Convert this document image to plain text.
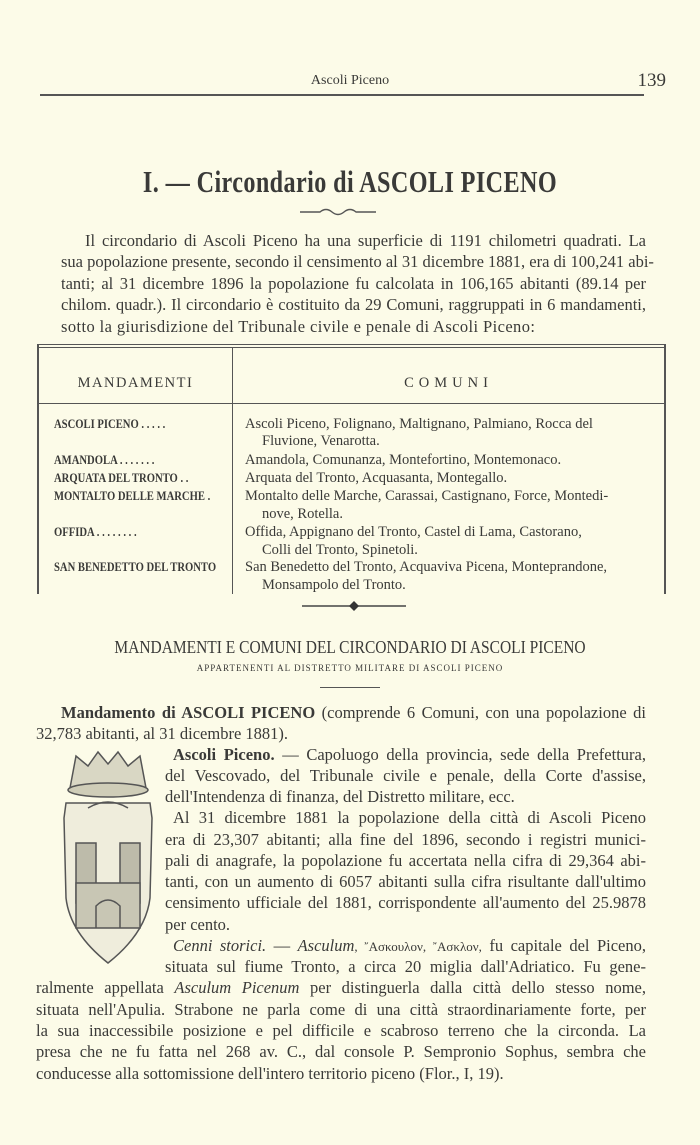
Ascoli Piceno	139
I. — Circondario di ASCOLI PICENO
Il circondario di Ascoli Piceno ha una superficie di 1191 chilometri quadrati. La
sua popolazione presente, secondo il censimento al 31 dicembre 1881, era di 100,241 abi-
tanti; al 31 dicembre 1896 la popolazione fu calcolata in 106,165 abitanti (89.14 per
chilom. quadr.). Il circondario è costituito da 29 Comuni, raggruppati in 6 mandamenti,
sotto la giurisdizione del Tribunale civile e penale di Ascoli Piceno:
MANDAMENTI	COMUNI
ASCOLI PICENO . . . . .	Ascoli Piceno, Folignano, Maltignano, Palmiano, Rocca del
Fluvione, Venarotta.
AMANDOLA . . . . . . .	Amandola, Comunanza, Montefortino, Montemonaco.
ARQUATA DEL TRONTO . .	Arquata del Tronto, Acquasanta, Montegallo.
MONTALTO DELLE MARCHE . Montalto delle Marche, Carassai, Castignano, Force, Montedi-
nove, Rotella.
OFFIDA . . . . . . . .	Offida, Appignano del Tronto, Castel di Lama, Castorano,
Colli del Tronto, Spinetoli.
SAN BENEDETTO DEL TRONTO San Benedetto del Tronto, Acquaviva Picena, Monteprandone,
Monsampolo del Tronto.
MANDAMENTI E COMUNI DEL CIRCONDARIO DI ASCOLI PICENO
APPARTENENTI AL DISTRETTO MILITARE DI ASCOLI PICENO
Mandamento di ASCOLI PICENO (comprende 6 Comuni, con una popolazione di
32,783 abitanti, al 31 dicembre 1881).
Ascoli Piceno. — Capoluogo della provincia, sede della Prefettura,
del Vescovado, del Tribunale civile e penale, della Corte d'assise,
dell'Intendenza di finanza, del Distretto militare, ecc.
Al 31 dicembre 1881 la popolazione della città di Ascoli Piceno
era di 23,307 abitanti; alla fine del 1896, secondo i registri munici-
pali di anagrafe, la popolazione fu accertata nella cifra di 29,364 abi-
tanti, con un aumento di 6057 abitanti sulla cifra risultante dall'ultimo
censimento ufficiale del 1881, corrispondente all'aumento del 25.9878
per cento.
Cenni storici. — Asculum, ῎Ασκουλον, ῎Ασκλον, fu capitale del Piceno,
situata sul fiume Tronto, a circa 20 miglia dall'Adriatico. Fu gene-
ralmente appellata Asculum Picenum per distinguerla dalla città dello stesso nome,
situata nell'Apulia. Strabone ne parla come di una città straordinariamente forte, per
la sua inaccessibile posizione e pel difficile e scabroso terreno che la circonda. La
presa che ne fu fatta nel 268 av. C., dal console P. Sempronio Sophus, sembra che
conducesse alla sottomissione dell'intero territorio piceno (Flor., I, 19).
